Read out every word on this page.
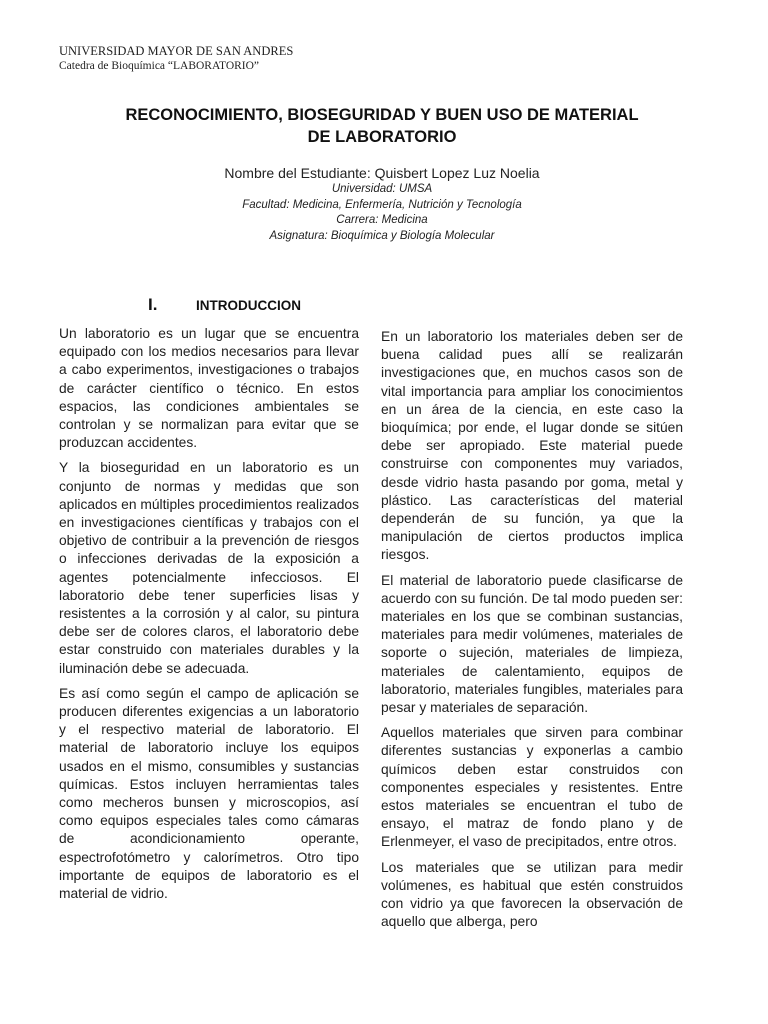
UNIVERSIDAD MAYOR DE SAN ANDRES
Catedra de Bioquímica “LABORATORIO”
RECONOCIMIENTO, BIOSEGURIDAD Y BUEN USO DE MATERIAL
DE LABORATORIO
Nombre del Estudiante: Quisbert Lopez Luz Noelia
Universidad: UMSA
Facultad: Medicina, Enfermería, Nutrición y Tecnología
Carrera: Medicina
Asignatura: Bioquímica y Biología Molecular
I.	INTRODUCCION

Un laboratorio es un lugar que se encuentra equipado con los medios necesarios para llevar a cabo experimentos, investigaciones o trabajos de carácter científico o técnico. En estos espacios, las condiciones ambientales se controlan y se normalizan para evitar que se produzcan accidentes.

Y la bioseguridad en un laboratorio es un conjunto de normas y medidas que son aplicados en múltiples procedimientos realizados en investigaciones científicas y trabajos con el objetivo de contribuir a la prevención de riesgos o infecciones derivadas de la exposición a agentes potencialmente infecciosos. El laboratorio debe tener superficies lisas y resistentes a la corrosión y al calor, su pintura debe ser de colores claros, el laboratorio debe estar construido con materiales durables y la iluminación debe se adecuada.

Es así como según el campo de aplicación se producen diferentes exigencias a un laboratorio y el respectivo material de laboratorio. El material de laboratorio incluye los equipos usados en el mismo, consumibles y sustancias químicas. Estos incluyen herramientas tales como mecheros bunsen y microscopios, así como equipos especiales tales como cámaras de acondicionamiento operante, espectrofotómetro y calorímetros. Otro tipo importante de equipos de laboratorio es el material de vidrio.

En un laboratorio los materiales deben ser de buena calidad pues allí se realizarán investigaciones que, en muchos casos son de vital importancia para ampliar los conocimientos en un área de la ciencia, en este caso la bioquímica; por ende, el lugar donde se sitúen debe ser apropiado. Este material puede construirse con componentes muy variados, desde vidrio hasta pasando por goma, metal y plástico. Las características del material dependerán de su función, ya que la manipulación de ciertos productos implica riesgos.

El material de laboratorio puede clasificarse de acuerdo con su función. De tal modo pueden ser: materiales en los que se combinan sustancias, materiales para medir volúmenes, materiales de soporte o sujeción, materiales de limpieza, materiales de calentamiento, equipos de laboratorio, materiales fungibles, materiales para pesar y materiales de separación.

Aquellos materiales que sirven para combinar diferentes sustancias y exponerlas a cambio químicos deben estar construidos con componentes especiales y resistentes. Entre estos materiales se encuentran el tubo de ensayo, el matraz de fondo plano y de Erlenmeyer, el vaso de precipitados, entre otros.

Los materiales que se utilizan para medir volúmenes, es habitual que estén construidos con vidrio ya que favorecen la observación de aquello que alberga, pero
